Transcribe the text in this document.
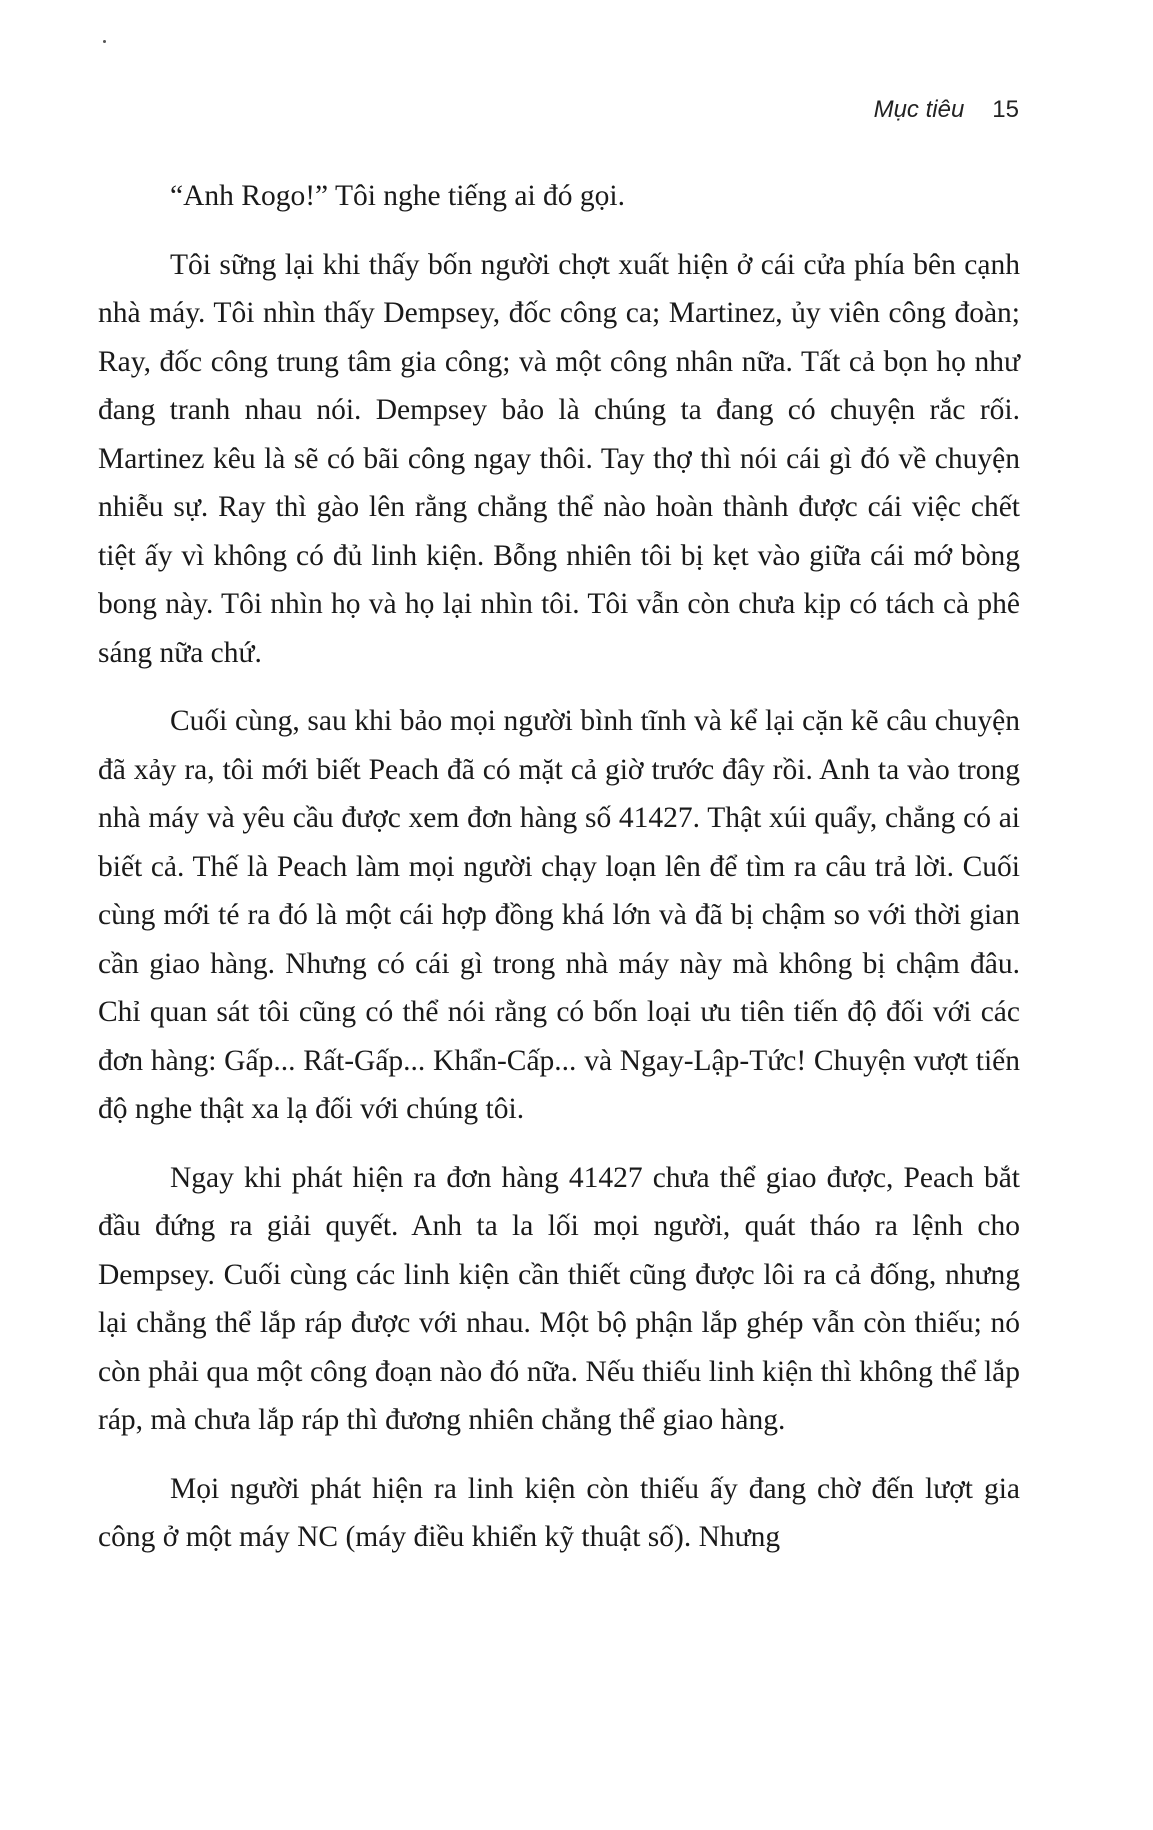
Mục tiêu 15

“Anh Rogo!” Tôi nghe tiếng ai đó gọi.

Tôi sững lại khi thấy bốn người chợt xuất hiện ở cái cửa phía bên cạnh nhà máy. Tôi nhìn thấy Dempsey, đốc công ca; Martinez, ủy viên công đoàn; Ray, đốc công trung tâm gia công; và một công nhân nữa. Tất cả bọn họ như đang tranh nhau nói. Dempsey bảo là chúng ta đang có chuyện rắc rối. Martinez kêu là sẽ có bãi công ngay thôi. Tay thợ thì nói cái gì đó về chuyện nhiễu sự. Ray thì gào lên rằng chẳng thể nào hoàn thành được cái việc chết tiệt ấy vì không có đủ linh kiện. Bỗng nhiên tôi bị kẹt vào giữa cái mớ bòng bong này. Tôi nhìn họ và họ lại nhìn tôi. Tôi vẫn còn chưa kịp có tách cà phê sáng nữa chứ.

Cuối cùng, sau khi bảo mọi người bình tĩnh và kể lại cặn kẽ câu chuyện đã xảy ra, tôi mới biết Peach đã có mặt cả giờ trước đây rồi. Anh ta vào trong nhà máy và yêu cầu được xem đơn hàng số 41427. Thật xúi quẩy, chẳng có ai biết cả. Thế là Peach làm mọi người chạy loạn lên để tìm ra câu trả lời. Cuối cùng mới té ra đó là một cái hợp đồng khá lớn và đã bị chậm so với thời gian cần giao hàng. Nhưng có cái gì trong nhà máy này mà không bị chậm đâu. Chỉ quan sát tôi cũng có thể nói rằng có bốn loại ưu tiên tiến độ đối với các đơn hàng: Gấp... Rất-Gấp... Khẩn-Cấp... và Ngay-Lập-Tức! Chuyện vượt tiến độ nghe thật xa lạ đối với chúng tôi.

Ngay khi phát hiện ra đơn hàng 41427 chưa thể giao được, Peach bắt đầu đứng ra giải quyết. Anh ta la lối mọi người, quát tháo ra lệnh cho Dempsey. Cuối cùng các linh kiện cần thiết cũng được lôi ra cả đống, nhưng lại chẳng thể lắp ráp được với nhau. Một bộ phận lắp ghép vẫn còn thiếu; nó còn phải qua một công đoạn nào đó nữa. Nếu thiếu linh kiện thì không thể lắp ráp, mà chưa lắp ráp thì đương nhiên chẳng thể giao hàng.

Mọi người phát hiện ra linh kiện còn thiếu ấy đang chờ đến lượt gia công ở một máy NC (máy điều khiển kỹ thuật số). Nhưng
